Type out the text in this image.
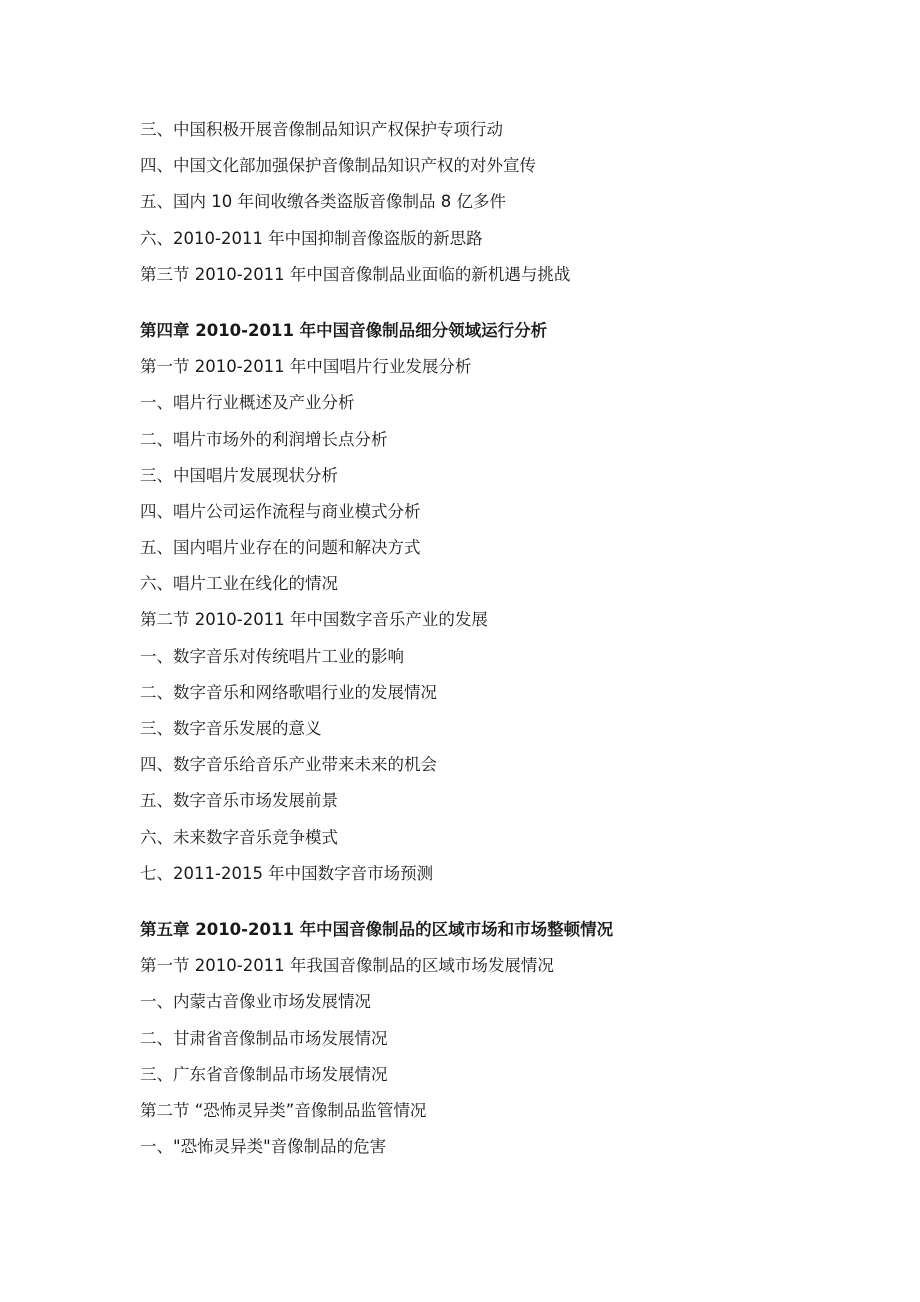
三、中国积极开展音像制品知识产权保护专项行动
四、中国文化部加强保护音像制品知识产权的对外宣传
五、国内 10 年间收缴各类盗版音像制品 8 亿多件
六、2010-2011 年中国抑制音像盗版的新思路
第三节 2010-2011 年中国音像制品业面临的新机遇与挑战
第四章 2010-2011 年中国音像制品细分领域运行分析
第一节 2010-2011 年中国唱片行业发展分析
一、唱片行业概述及产业分析
二、唱片市场外的利润增长点分析
三、中国唱片发展现状分析
四、唱片公司运作流程与商业模式分析
五、国内唱片业存在的问题和解决方式
六、唱片工业在线化的情况
第二节 2010-2011 年中国数字音乐产业的发展
一、数字音乐对传统唱片工业的影响
二、数字音乐和网络歌唱行业的发展情况
三、数字音乐发展的意义
四、数字音乐给音乐产业带来未来的机会
五、数字音乐市场发展前景
六、未来数字音乐竞争模式
七、2011-2015 年中国数字音市场预测
第五章 2010-2011 年中国音像制品的区域市场和市场整顿情况
第一节 2010-2011 年我国音像制品的区域市场发展情况
一、内蒙古音像业市场发展情况
二、甘肃省音像制品市场发展情况
三、广东省音像制品市场发展情况
第二节 “恐怖灵异类”音像制品监管情况
一、"恐怖灵异类"音像制品的危害
